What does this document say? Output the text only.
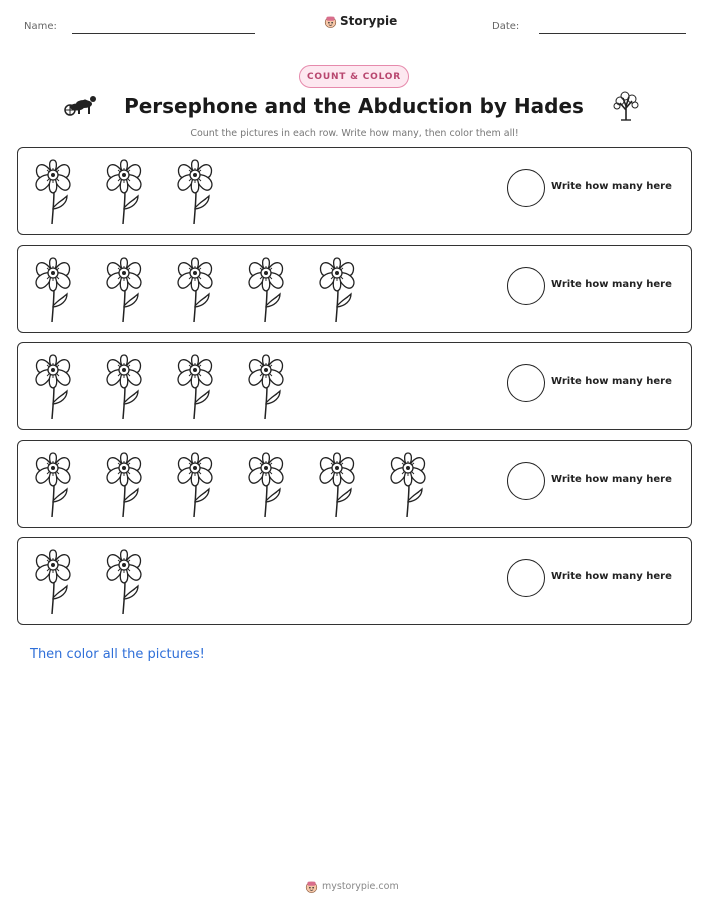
Name:	Storypie	Date:
COUNT & COLOR
Persephone and the Abduction by Hades
Count the pictures in each row. Write how many, then color them all!
Write how many here
Write how many here
Write how many here
Write how many here
Write how many here
Then color all the pictures!
mystorypie.com
